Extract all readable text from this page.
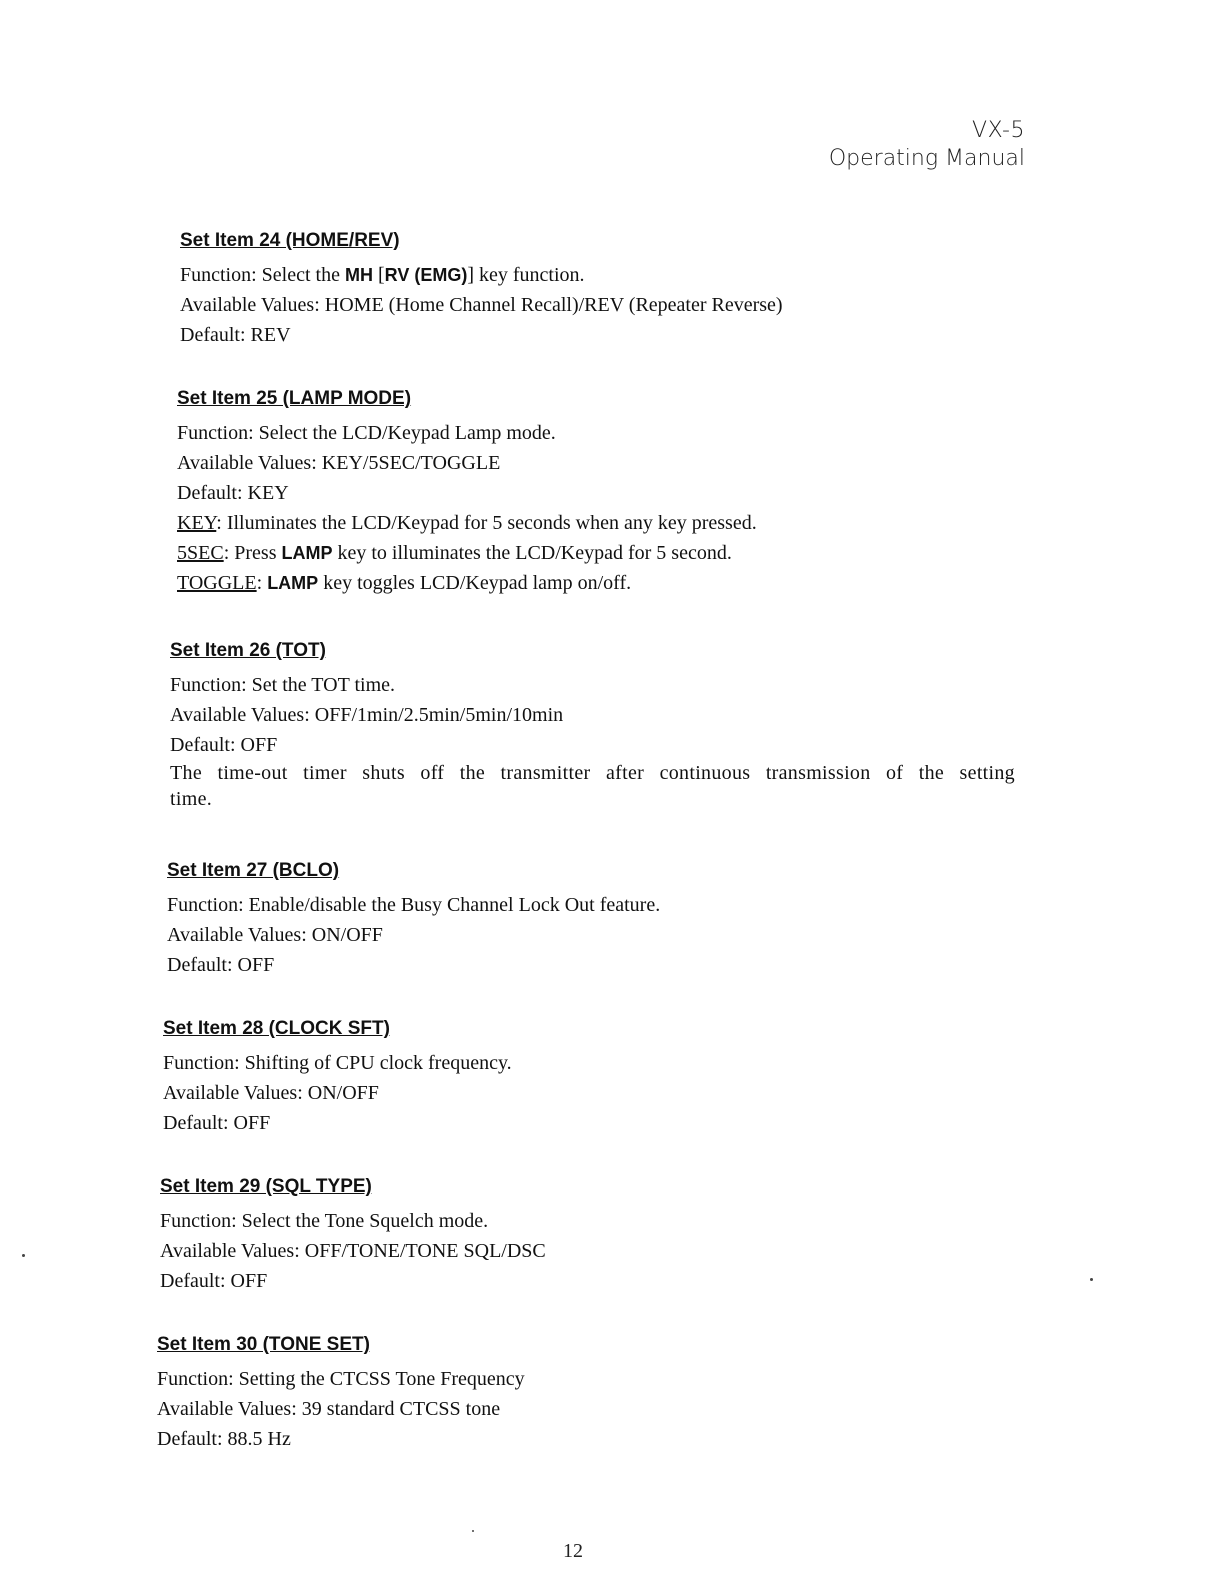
VX-5
Operating Manual
Set Item 24 (HOME/REV)
Function: Select the MH [RV (EMG)] key function.
Available Values: HOME (Home Channel Recall)/REV (Repeater Reverse)
Default: REV
Set Item 25 (LAMP MODE)
Function: Select the LCD/Keypad Lamp mode.
Available Values: KEY/5SEC/TOGGLE
Default: KEY
KEY: Illuminates the LCD/Keypad for 5 seconds when any key pressed.
5SEC: Press LAMP key to illuminates the LCD/Keypad for 5 second.
TOGGLE: LAMP key toggles LCD/Keypad lamp on/off.
Set Item 26 (TOT)
Function: Set the TOT time.
Available Values: OFF/1min/2.5min/5min/10min
Default: OFF
The time-out timer shuts off the transmitter after continuous transmission of the setting time.
Set Item 27 (BCLO)
Function: Enable/disable the Busy Channel Lock Out feature.
Available Values: ON/OFF
Default: OFF
Set Item 28 (CLOCK SFT)
Function: Shifting of CPU clock frequency.
Available Values: ON/OFF
Default: OFF
Set Item 29 (SQL TYPE)
Function: Select the Tone Squelch mode.
Available Values: OFF/TONE/TONE SQL/DSC
Default: OFF
Set Item 30 (TONE SET)
Function: Setting the CTCSS Tone Frequency
Available Values: 39 standard CTCSS tone
Default: 88.5 Hz
12
